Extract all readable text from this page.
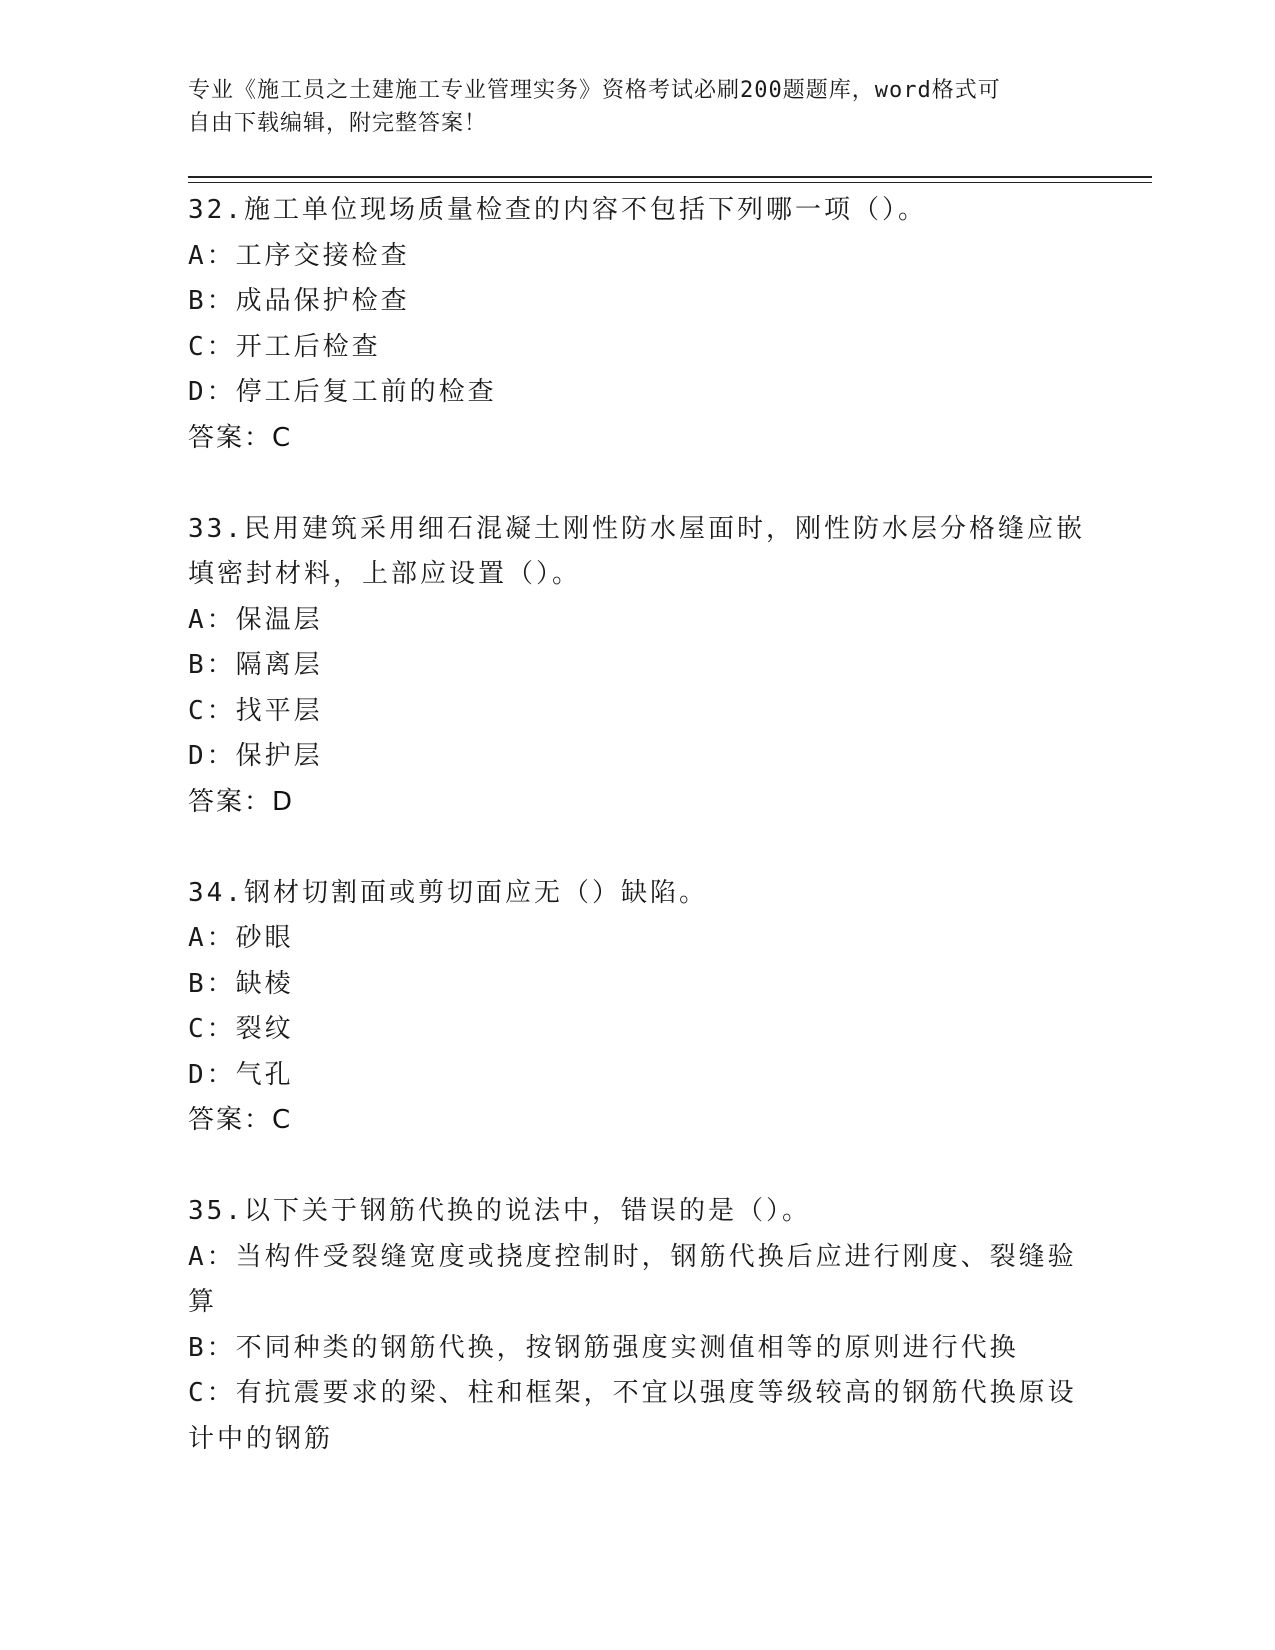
专业《施工员之土建施工专业管理实务》资格考试必刷200题题库，word格式可
自由下载编辑，附完整答案！
32.施工单位现场质量检查的内容不包括下列哪一项（）。
A：工序交接检查
B：成品保护检查
C：开工后检查
D：停工后复工前的检查
答案：C
33.民用建筑采用细石混凝土刚性防水屋面时，刚性防水层分格缝应嵌
填密封材料，上部应设置（）。
A：保温层
B：隔离层
C：找平层
D：保护层
答案：D
34.钢材切割面或剪切面应无（）缺陷。
A：砂眼
B：缺棱
C：裂纹
D：气孔
答案：C
35.以下关于钢筋代换的说法中，错误的是（）。
A：当构件受裂缝宽度或挠度控制时，钢筋代换后应进行刚度、裂缝验
算
B：不同种类的钢筋代换，按钢筋强度实测值相等的原则进行代换
C：有抗震要求的梁、柱和框架，不宜以强度等级较高的钢筋代换原设
计中的钢筋
